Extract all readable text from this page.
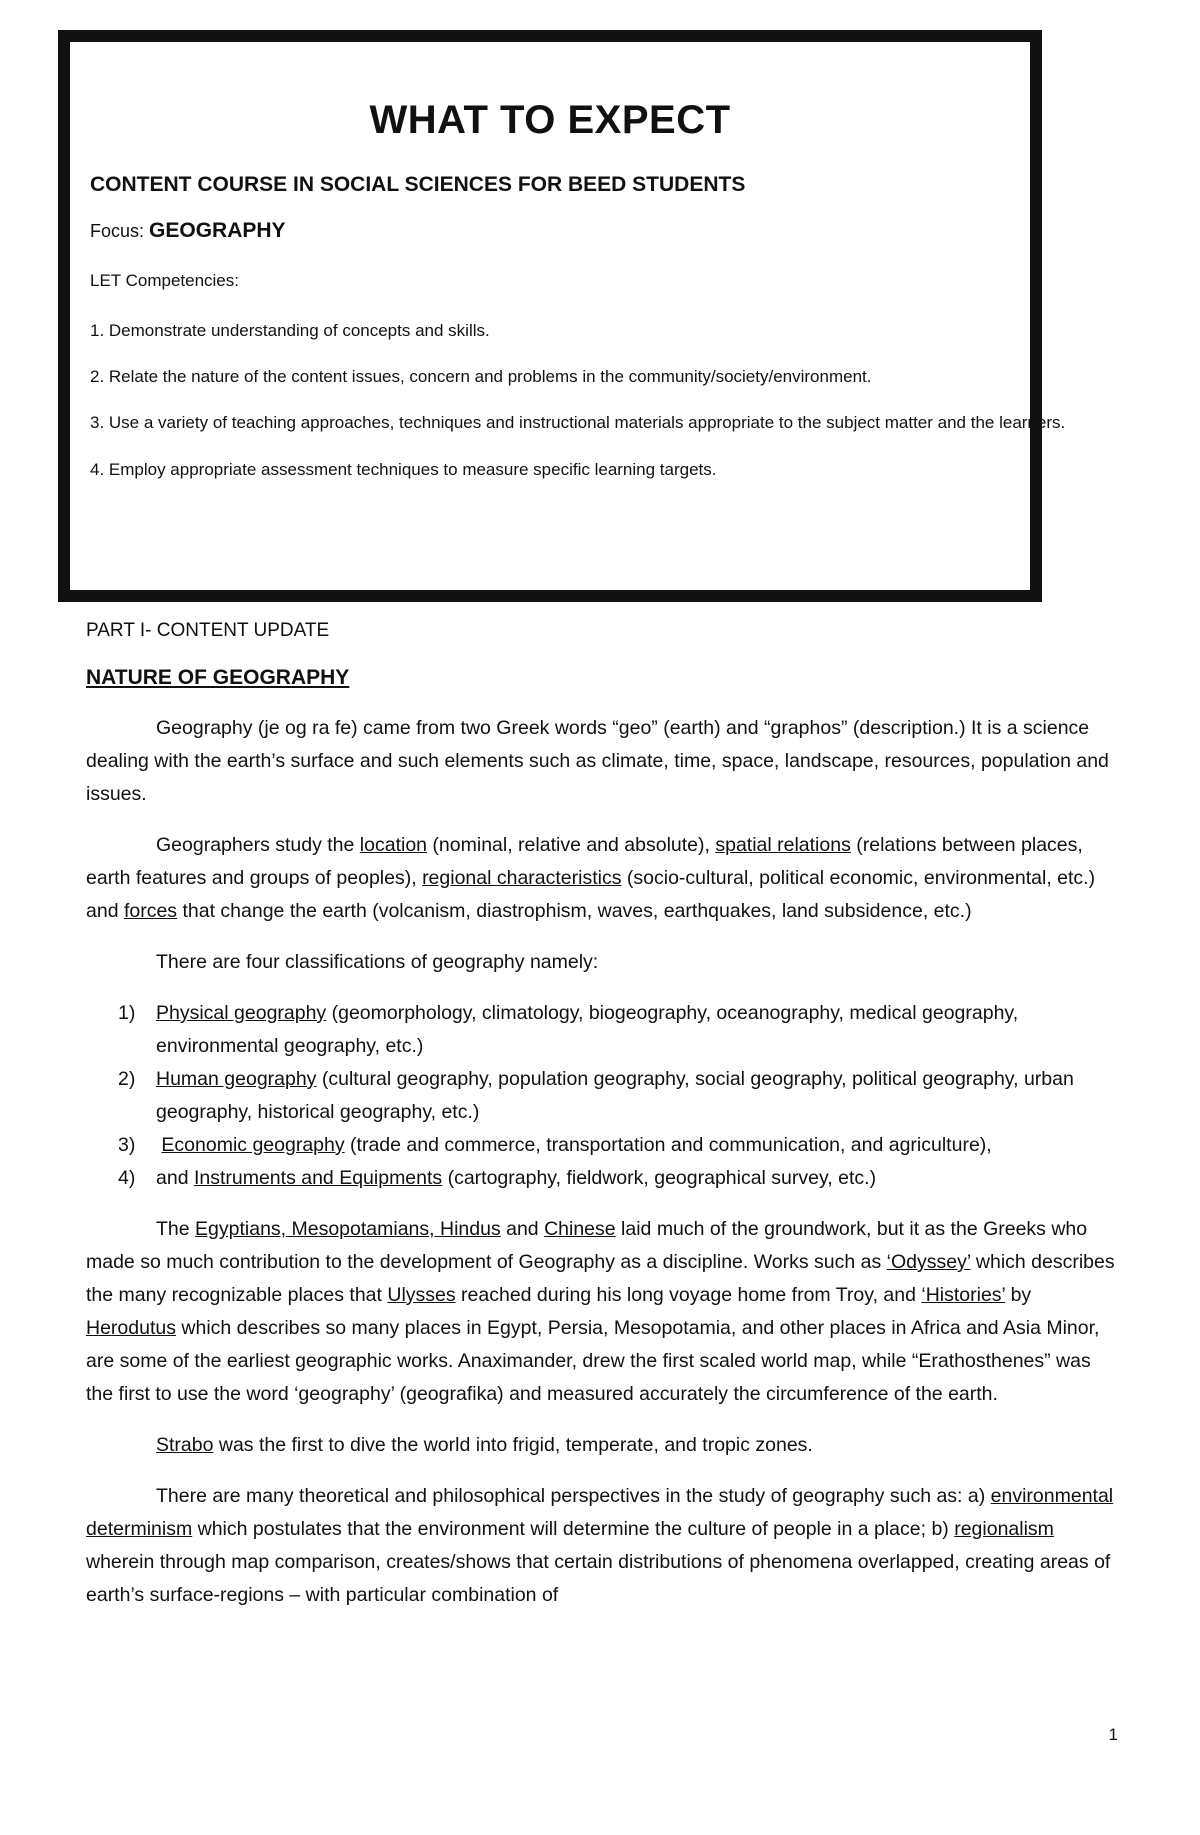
WHAT TO EXPECT
CONTENT COURSE IN SOCIAL SCIENCES FOR BEED STUDENTS
Focus: GEOGRAPHY
LET Competencies:
1. Demonstrate understanding of concepts and skills.
2. Relate the nature of the content issues, concern and problems in the community/society/environment.
3. Use a variety of teaching approaches, techniques and instructional materials appropriate to the subject matter and the learners.
4. Employ appropriate assessment techniques to measure specific learning targets.
PART I- CONTENT UPDATE
NATURE OF GEOGRAPHY

Geography (je og ra fe) came from two Greek words “geo” (earth) and “graphos” (description.) It is a science dealing with the earth’s surface and such elements such as climate, time, space, landscape, resources, population and issues.

Geographers study the location (nominal, relative and absolute), spatial relations (relations between places, earth features and groups of peoples), regional characteristics (socio-cultural, political economic, environmental, etc.) and forces that change the earth (volcanism, diastrophism, waves, earthquakes, land subsidence, etc.)

There are four classifications of geography namely:

1) Physical geography (geomorphology, climatology, biogeography, oceanography, medical geography, environmental geography, etc.)
2) Human geography (cultural geography, population geography, social geography, political geography, urban geography, historical geography, etc.)
3) Economic geography (trade and commerce, transportation and communication, and agriculture),
4) and Instruments and Equipments (cartography, fieldwork, geographical survey, etc.)

The Egyptians, Mesopotamians, Hindus and Chinese laid much of the groundwork, but it as the Greeks who made so much contribution to the development of Geography as a discipline. Works such as ‘Odyssey’ which describes the many recognizable places that Ulysses reached during his long voyage home from Troy, and ‘Histories’ by Herodutus which describes so many places in Egypt, Persia, Mesopotamia, and other places in Africa and Asia Minor, are some of the earliest geographic works. Anaximander, drew the first scaled world map, while “Erathosthenes” was the first to use the word ‘geography’ (geografika) and measured accurately the circumference of the earth.

Strabo was the first to dive the world into frigid, temperate, and tropic zones.

There are many theoretical and philosophical perspectives in the study of geography such as: a) environmental determinism which postulates that the environment will determine the culture of people in a place; b) regionalism wherein through map comparison, creates/shows that certain distributions of phenomena overlapped, creating areas of earth’s surface-regions – with particular combination of

1
